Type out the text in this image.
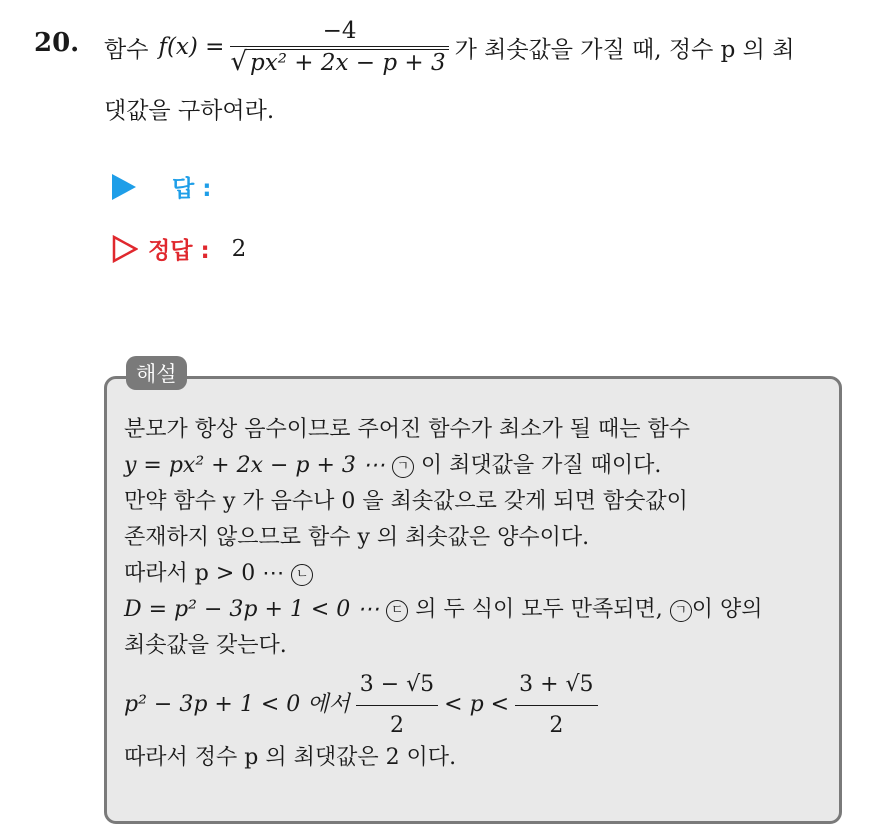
20. 함수 $f(x) = \frac{-4}{\text{√ px² + 2x − p + 3}}$ 가 최솟값을 가질 때, 정수 p 의 최
댓값을 구하여라.
답 :
정답 : 2
해설
분모가 항상 음수이므로 주어진 함수가 최소가 될 때는 함수
y = px² + 2x − p + 3 ⋯ ㄱ 이 최댓값을 가질 때이다.
만약 함수 y 가 음수나 0 을 최솟값으로 갖게 되면 함숫값이
존재하지 않으므로 함수 y 의 최솟값은 양수이다.
따라서 p > 0 ⋯ ㄴ
D = p² − 3p + 1 < 0 ⋯ ㄷ 의 두 식이 모두 만족되면, ㄱ 이 양의
최솟값을 갖는다.
p² − 3p + 1 < 0 에서 $\frac{3 - √5}{2} < p < \frac{3 + √5}{2}$
따라서 정수 p 의 최댓값은 2 이다.
